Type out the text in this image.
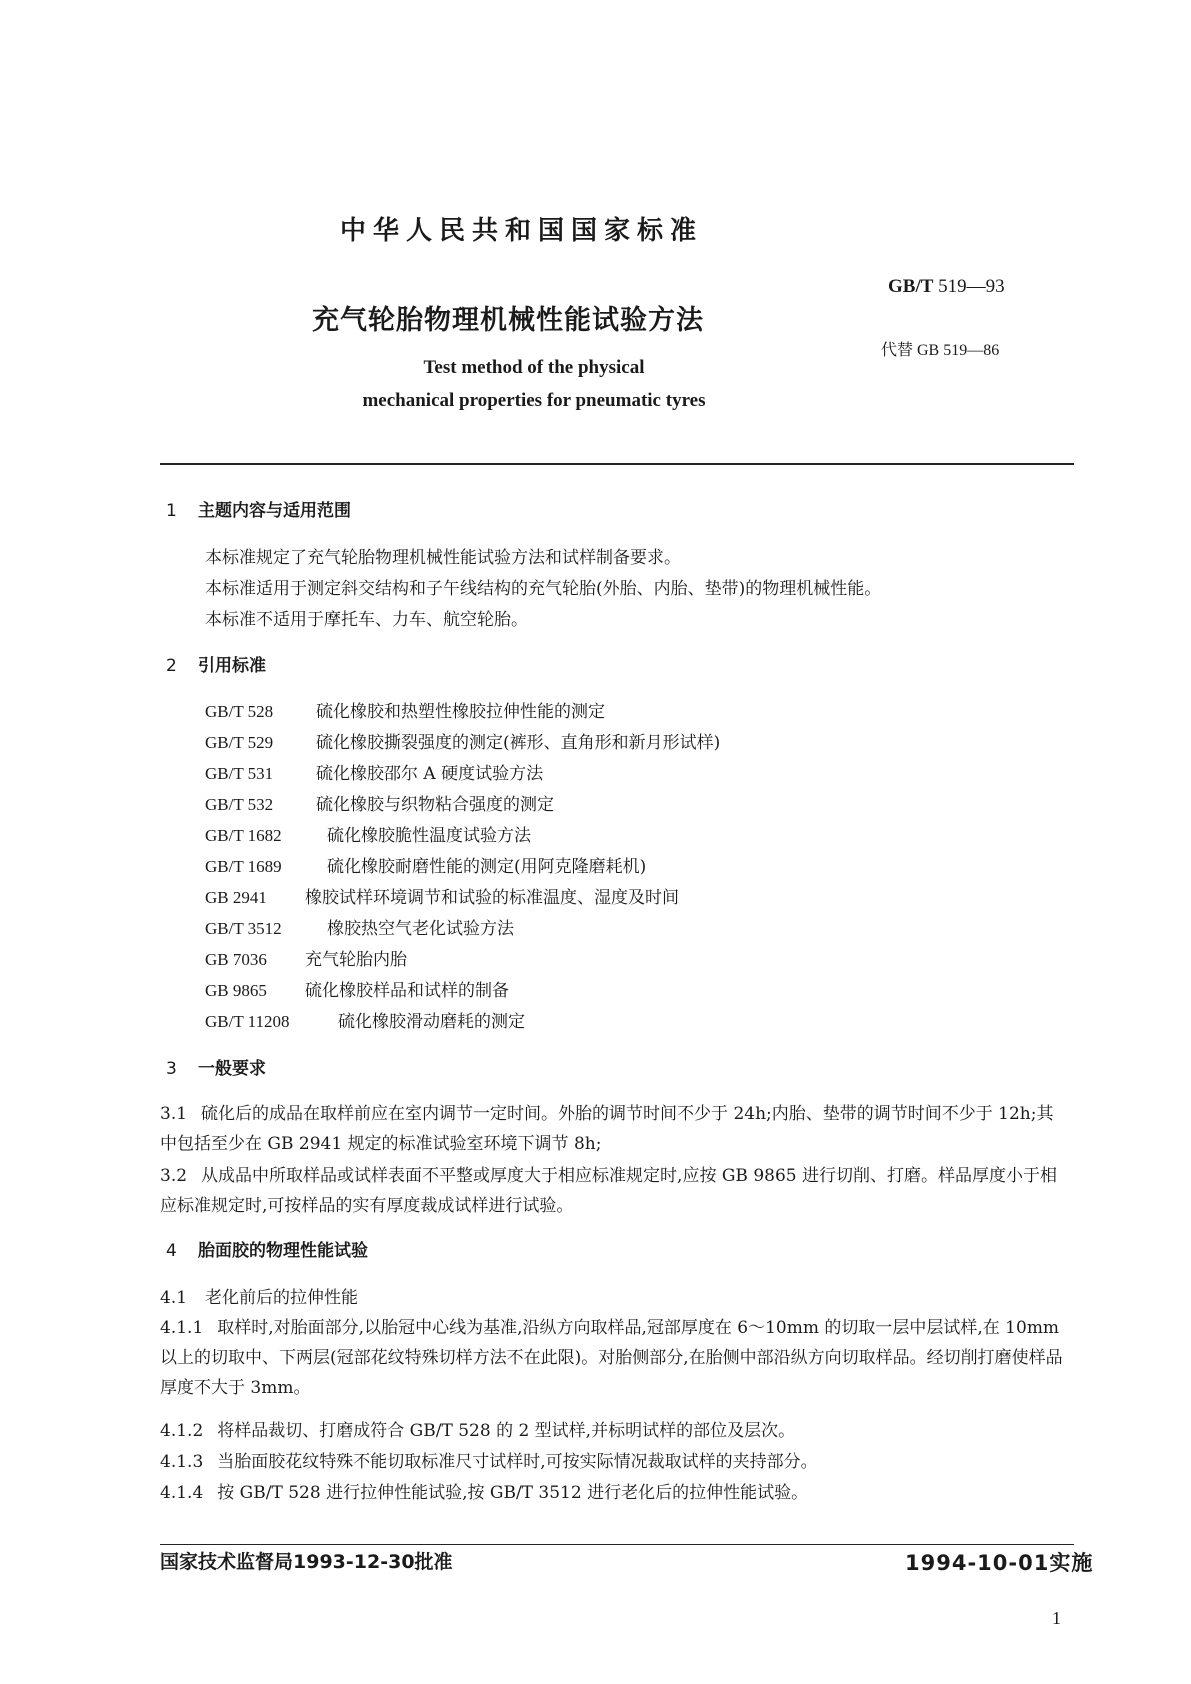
中华人民共和国国家标准
GB/T 519—93
充气轮胎物理机械性能试验方法
代替 GB 519—86
Test method of the physical
mechanical properties for pneumatic tyres
1 主题内容与适用范围
本标准规定了充气轮胎物理机械性能试验方法和试样制备要求。
本标准适用于测定斜交结构和子午线结构的充气轮胎(外胎、内胎、垫带)的物理机械性能。
本标准不适用于摩托车、力车、航空轮胎。
2 引用标准
GB/T 528	硫化橡胶和热塑性橡胶拉伸性能的测定
GB/T 529	硫化橡胶撕裂强度的测定(裤形、直角形和新月形试样)
GB/T 531	硫化橡胶邵尔 A 硬度试验方法
GB/T 532	硫化橡胶与织物粘合强度的测定
GB/T 1682	硫化橡胶脆性温度试验方法
GB/T 1689	硫化橡胶耐磨性能的测定(用阿克隆磨耗机)
GB 2941 橡胶试样环境调节和试验的标准温度、湿度及时间
GB/T 3512	橡胶热空气老化试验方法
GB 7036 充气轮胎内胎
GB 9865 硫化橡胶样品和试样的制备
GB/T 11208	硫化橡胶滑动磨耗的测定
3 一般要求
3.1 硫化后的成品在取样前应在室内调节一定时间。外胎的调节时间不少于 24h;内胎、垫带的调节时间不少于 12h;其中包括至少在 GB 2941 规定的标准试验室环境下调节 8h;
3.2 从成品中所取样品或试样表面不平整或厚度大于相应标准规定时,应按 GB 9865 进行切削、打磨。样品厚度小于相应标准规定时,可按样品的实有厚度裁成试样进行试验。
4 胎面胶的物理性能试验
4.1 老化前后的拉伸性能
4.1.1 取样时,对胎面部分,以胎冠中心线为基准,沿纵方向取样品,冠部厚度在 6～10mm 的切取一层中层试样,在 10mm 以上的切取中、下两层(冠部花纹特殊切样方法不在此限)。对胎侧部分,在胎侧中部沿纵方向切取样品。经切削打磨使样品厚度不大于 3mm。
4.1.2 将样品裁切、打磨成符合 GB/T 528 的 2 型试样,并标明试样的部位及层次。
4.1.3 当胎面胶花纹特殊不能切取标准尺寸试样时,可按实际情况裁取试样的夹持部分。
4.1.4 按 GB/T 528 进行拉伸性能试验,按 GB/T 3512 进行老化后的拉伸性能试验。
国家技术监督局1993-12-30批准	1994-10-01实施
1
